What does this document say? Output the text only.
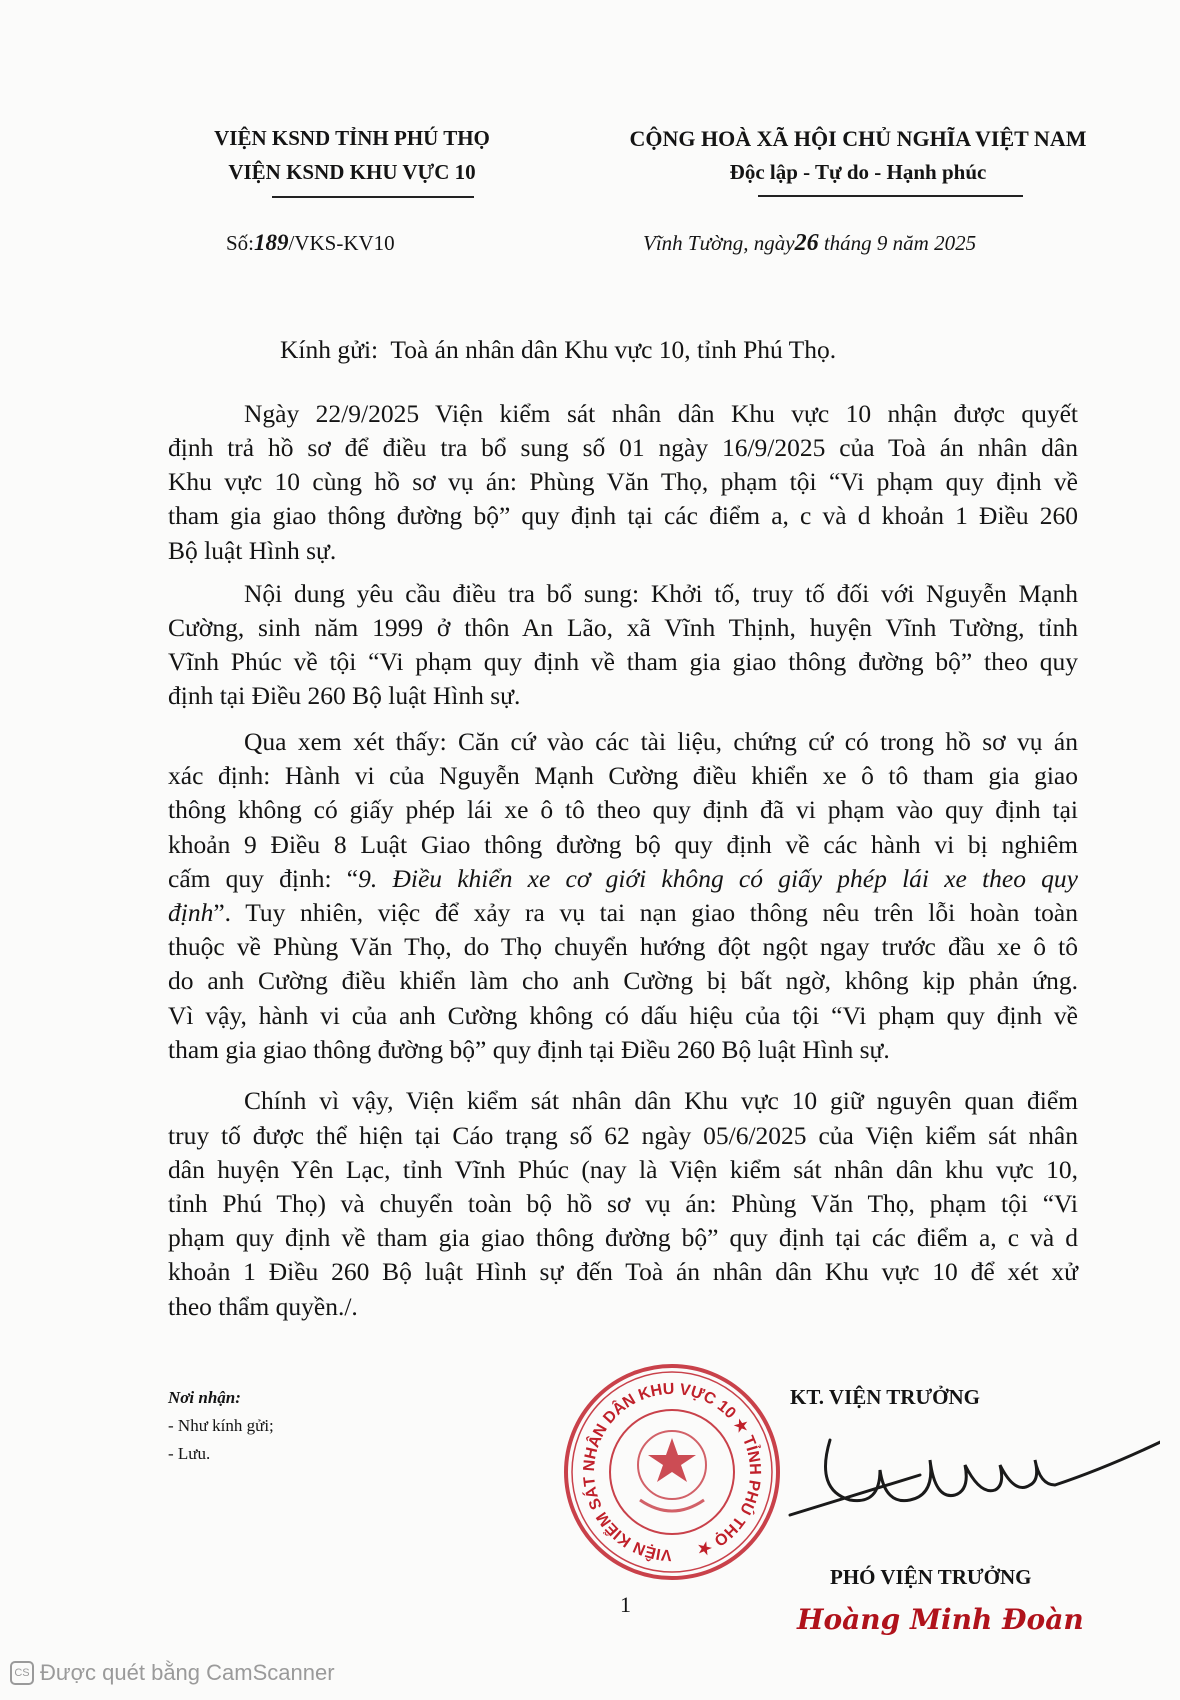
VIỆN KSND TỈNH PHÚ THỌ
VIỆN KSND KHU VỰC 10
CỘNG HOÀ XÃ HỘI CHỦ NGHĨA VIỆT NAM
Độc lập - Tự do - Hạnh phúc
Số:189/VKS-KV10	Vĩnh Tường, ngày26 tháng 9 năm 2025
Kính gửi: Toà án nhân dân Khu vực 10, tỉnh Phú Thọ.
Ngày 22/9/2025 Viện kiểm sát nhân dân Khu vực 10 nhận được quyết
định trả hồ sơ để điều tra bổ sung số 01 ngày 16/9/2025 của Toà án nhân dân
Khu vực 10 cùng hồ sơ vụ án: Phùng Văn Thọ, phạm tội “Vi phạm quy định về
tham gia giao thông đường bộ” quy định tại các điểm a, c và d khoản 1 Điều 260
Bộ luật Hình sự.
Nội dung yêu cầu điều tra bổ sung: Khởi tố, truy tố đối với Nguyễn Mạnh
Cường, sinh năm 1999 ở thôn An Lão, xã Vĩnh Thịnh, huyện Vĩnh Tường, tỉnh
Vĩnh Phúc về tội “Vi phạm quy định về tham gia giao thông đường bộ” theo quy
định tại Điều 260 Bộ luật Hình sự.
Qua xem xét thấy: Căn cứ vào các tài liệu, chứng cứ có trong hồ sơ vụ án
xác định: Hành vi của Nguyễn Mạnh Cường điều khiển xe ô tô tham gia giao
thông không có giấy phép lái xe ô tô theo quy định đã vi phạm vào quy định tại
khoản 9 Điều 8 Luật Giao thông đường bộ quy định về các hành vi bị nghiêm
cấm quy định: “9. Điều khiển xe cơ giới không có giấy phép lái xe theo quy
định”. Tuy nhiên, việc để xảy ra vụ tai nạn giao thông nêu trên lỗi hoàn toàn
thuộc về Phùng Văn Thọ, do Thọ chuyển hướng đột ngột ngay trước đầu xe ô tô
do anh Cường điều khiển làm cho anh Cường bị bất ngờ, không kịp phản ứng.
Vì vậy, hành vi của anh Cường không có dấu hiệu của tội “Vi phạm quy định về
tham gia giao thông đường bộ” quy định tại Điều 260 Bộ luật Hình sự.
Chính vì vậy, Viện kiểm sát nhân dân Khu vực 10 giữ nguyên quan điểm
truy tố được thể hiện tại Cáo trạng số 62 ngày 05/6/2025 của Viện kiểm sát nhân
dân huyện Yên Lạc, tỉnh Vĩnh Phúc (nay là Viện kiểm sát nhân dân khu vực 10,
tỉnh Phú Thọ) và chuyển toàn bộ hồ sơ vụ án: Phùng Văn Thọ, phạm tội “Vi
phạm quy định về tham gia giao thông đường bộ” quy định tại các điểm a, c và d
khoản 1 Điều 260 Bộ luật Hình sự đến Toà án nhân dân Khu vực 10 để xét xử
theo thẩm quyền./.
Nơi nhận:
- Như kính gửi;
- Lưu.
1
VIỆN KIỂM SÁT NHÂN DÂN KHU VỰC 10 ★ TỈNH PHÚ THỌ ★
KT. VIỆN TRƯỞNG
PHÓ VIỆN TRƯỞNG
Hoàng Minh Đoàn
CS Được quét bằng CamScanner
